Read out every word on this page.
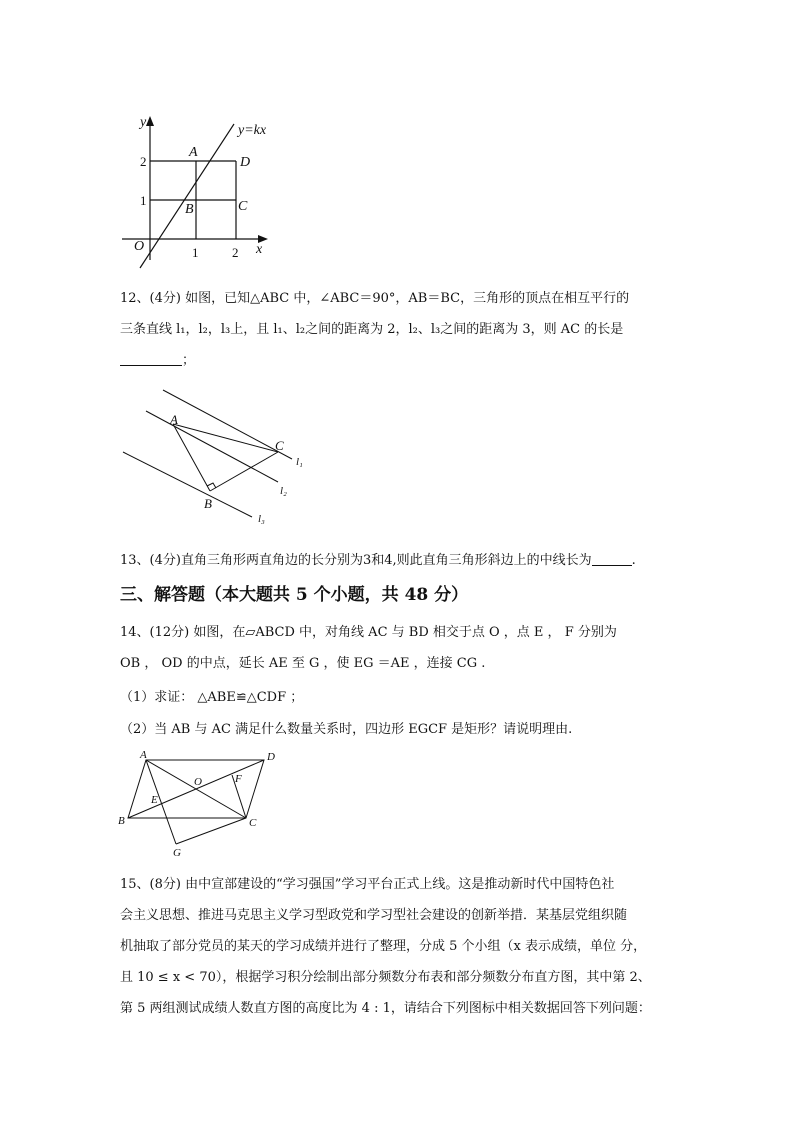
y
x
y=kx
O
2
1
1	2
A
D
B	C
12、(4分) 如图，已知△ABC 中，∠ABC＝90°，AB＝BC，三角形的顶点在相互平行的
三条直线 l₁，l₂，l₃上，且 l₁、l₂之间的距离为 2，l₂、l₃之间的距离为 3，则 AC 的长是
；
A
B
C
l₁
l₂
l₃
13、(4分)直角三角形两直角边的长分别为3和4,则此直角三角形斜边上的中线长为	.
三、解答题（本大题共 5 个小题，共 48 分）
14、(12分) 如图，在▱ABCD 中，对角线 AC 与 BD 相交于点 O ，点 E ， F 分别为
OB ， OD 的中点，延长 AE 至 G ，使 EG ＝AE ，连接 CG .
（1）求证： △ABE≌△CDF ；
（2）当 AB 与 AC 满足什么数量关系时，四边形 EGCF 是矩形？请说明理由.
A	D
O	F
E
B	C
G
15、(8分) 由中宣部建设的“学习强国”学习平台正式上线。这是推动新时代中国特色社
会主义思想、推进马克思主义学习型政党和学习型社会建设的创新举措．某基层党组织随
机抽取了部分党员的某天的学习成绩并进行了整理，分成 5 个小组（x 表示成绩，单位 分，
且 10 ≤ x < 70），根据学习积分绘制出部分频数分布表和部分频数分布直方图，其中第 2、
第 5 两组测试成绩人数直方图的高度比为 4 : 1，请结合下列图标中相关数据回答下列问题：
